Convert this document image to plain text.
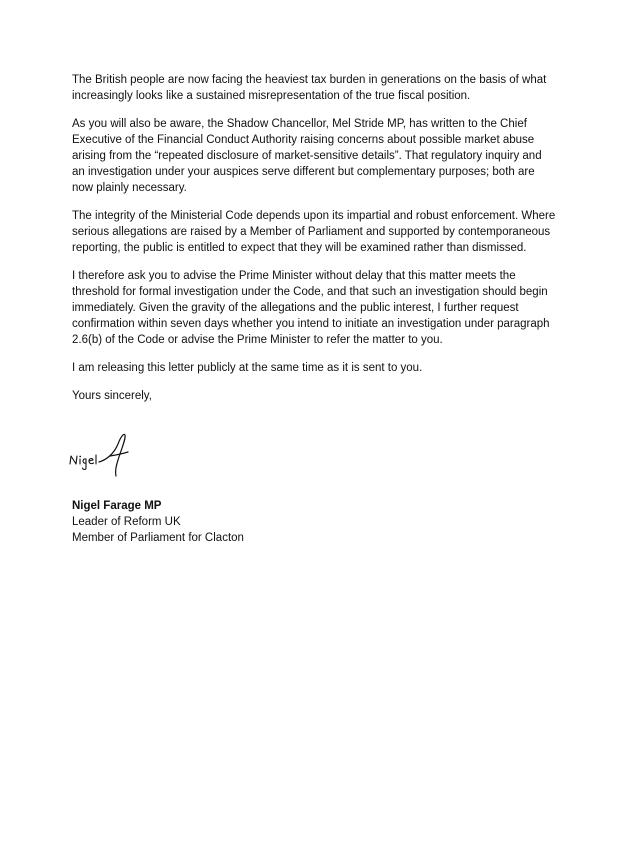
The British people are now facing the heaviest tax burden in generations on the basis of what increasingly looks like a sustained misrepresentation of the true fiscal position.

As you will also be aware, the Shadow Chancellor, Mel Stride MP, has written to the Chief Executive of the Financial Conduct Authority raising concerns about possible market abuse arising from the “repeated disclosure of market-sensitive details”. That regulatory inquiry and an investigation under your auspices serve different but complementary purposes; both are now plainly necessary.

The integrity of the Ministerial Code depends upon its impartial and robust enforcement. Where serious allegations are raised by a Member of Parliament and supported by contemporaneous reporting, the public is entitled to expect that they will be examined rather than dismissed.

I therefore ask you to advise the Prime Minister without delay that this matter meets the threshold for formal investigation under the Code, and that such an investigation should begin immediately. Given the gravity of the allegations and the public interest, I further request confirmation within seven days whether you intend to initiate an investigation under paragraph 2.6(b) of the Code or advise the Prime Minister to refer the matter to you.

I am releasing this letter publicly at the same time as it is sent to you.

Yours sincerely,

Nigel Farage MP
Leader of Reform UK
Member of Parliament for Clacton
